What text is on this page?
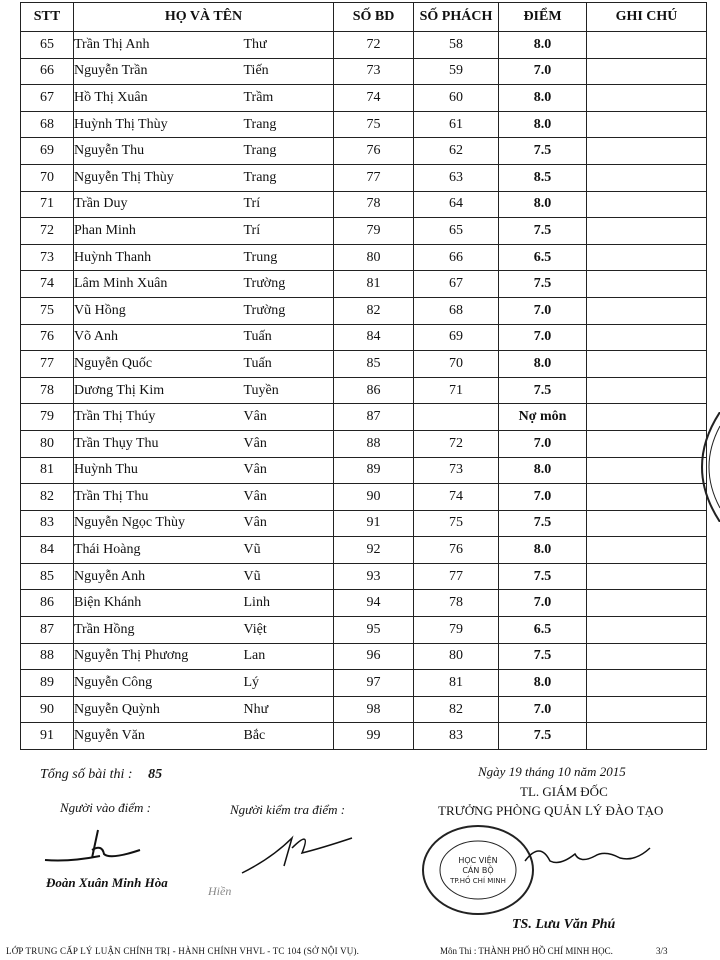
STT	HỌ VÀ TÊN		SỐ BD	SỐ PHÁCH	ĐIỂM	GHI CHÚ
65	Trần Thị Anh	Thư	72	58	8.0	
66	Nguyễn Trần	Tiến	73	59	7.0	
67	Hồ Thị Xuân	Trầm	74	60	8.0	
68	Huỳnh Thị Thùy	Trang	75	61	8.0	
69	Nguyễn Thu	Trang	76	62	7.5	
70	Nguyễn Thị Thùy	Trang	77	63	8.5	
71	Trần Duy	Trí	78	64	8.0	
72	Phan Minh	Trí	79	65	7.5	
73	Huỳnh Thanh	Trung	80	66	6.5	
74	Lâm Minh Xuân	Trường	81	67	7.5	
75	Vũ Hồng	Trường	82	68	7.0	
76	Võ Anh	Tuấn	84	69	7.0	
77	Nguyễn Quốc	Tuấn	85	70	8.0	
78	Dương Thị Kim	Tuyền	86	71	7.5	
79	Trần Thị Thúy	Vân	87		Nợ môn	
80	Trần Thụy Thu	Vân	88	72	7.0	
81	Huỳnh Thu	Vân	89	73	8.0	
82	Trần Thị Thu	Vân	90	74	7.0	
83	Nguyễn Ngọc Thùy	Vân	91	75	7.5	
84	Thái Hoàng	Vũ	92	76	8.0	
85	Nguyễn Anh	Vũ	93	77	7.5	
86	Biện Khánh	Linh	94	78	7.0	
87	Trần Hồng	Việt	95	79	6.5	
88	Nguyễn Thị Phương	Lan	96	80	7.5	
89	Nguyễn Công	Lý	97	81	8.0	
90	Nguyễn Quỳnh	Như	98	82	7.0	
91	Nguyễn Văn	Bắc	99	83	7.5	
Tổng số bài thi : 85	Ngày 19 tháng 10 năm 2015
TL. GIÁM ĐỐC
TRƯỞNG PHÒNG QUẢN LÝ ĐÀO TẠO
Người vào điểm :	Người kiểm tra điểm :
Đoàn Xuân Minh Hòa
Hiền
HỌC VIỆN
CÁN BỘ
TP.HỒ CHÍ MINH
TS. Lưu Văn Phú
LỚP TRUNG CẤP LÝ LUẬN CHÍNH TRỊ - HÀNH CHÍNH VHVL - TC 104 (SỞ NỘI VỤ).	Môn Thi : THÀNH PHỐ HỒ CHÍ MINH HỌC.	3/3
